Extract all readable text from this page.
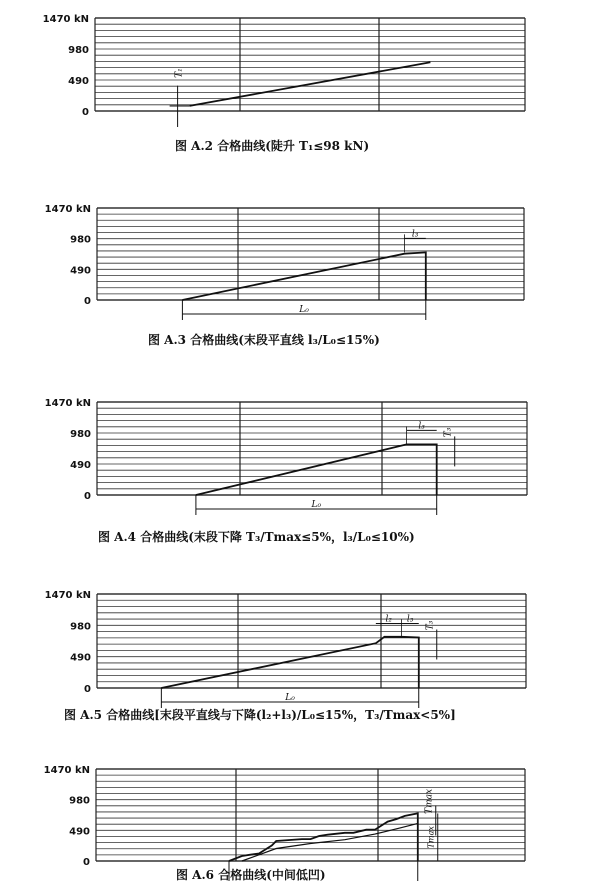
1470 kN
980
490
0
T₁
图 A.2 合格曲线(陡升 T₁≤98 kN)
1470 kN
980
490
0
L₀
l₃
图 A.3 合格曲线(末段平直线 l₃/L₀≤15%)
1470 kN
980
490
0
L₀
l₃
T₃
图 A.4 合格曲线(末段下降 T₃/Tmax≤5%，l₃/L₀≤10%)
1470 kN
980
490
0
L₀
l₂ l₃
T₃
图 A.5 合格曲线[末段平直线与下降(l₂+l₃)/L₀≤15%，T₃/Tmax<5%]
1470 kN
980
490
0
Tmax
Tmax
图 A.6 合格曲线(中间低凹)
